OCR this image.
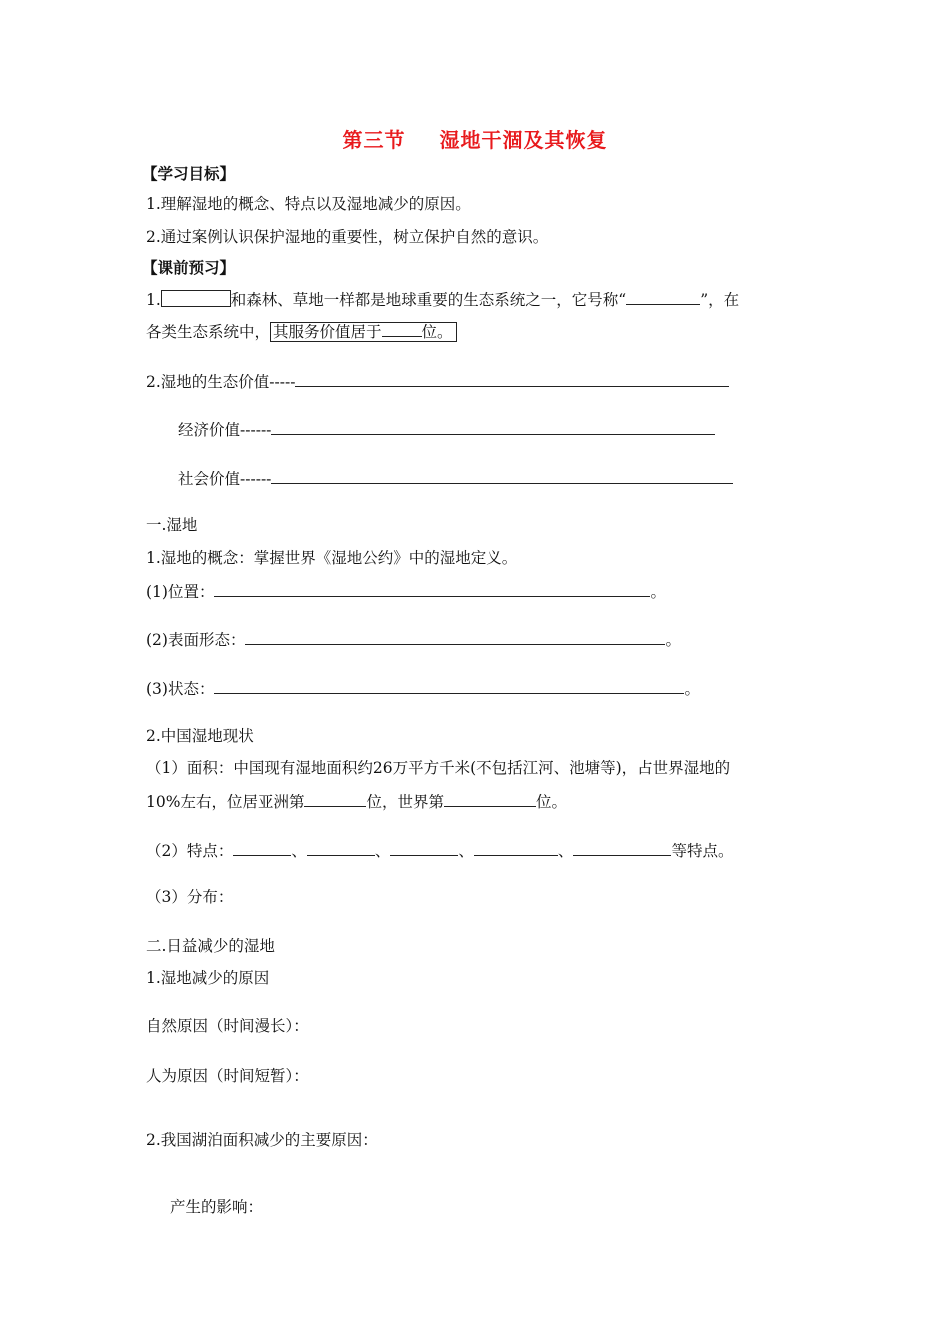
第三节 湿地干涸及其恢复
【学习目标】
1.理解湿地的概念、特点以及湿地减少的原因。
2.通过案例认识保护湿地的重要性，树立保护自然的意识。
【课前预习】
1.	和森林、草地一样都是地球重要的生态系统之一，它号称“	”，在
各类生态系统中， 其服务价值居于	位。
2.湿地的生态价值-----
经济价值------
社会价值------
一.湿地
1.湿地的概念：掌握世界《湿地公约》中的湿地定义。
(1)位置：	。
(2)表面形态：	。
(3)状态：	。
2.中国湿地现状
（1）面积：中国现有湿地面积约26万平方千米(不包括江河、池塘等)，占世界湿地的
10%左右，位居亚洲第	位，世界第	位。
（2）特点：	、	、	、	、	等特点。
（3）分布：
二.日益减少的湿地
1.湿地减少的原因
自然原因（时间漫长）：
人为原因（时间短暂）：
2.我国湖泊面积减少的主要原因：
产生的影响：
